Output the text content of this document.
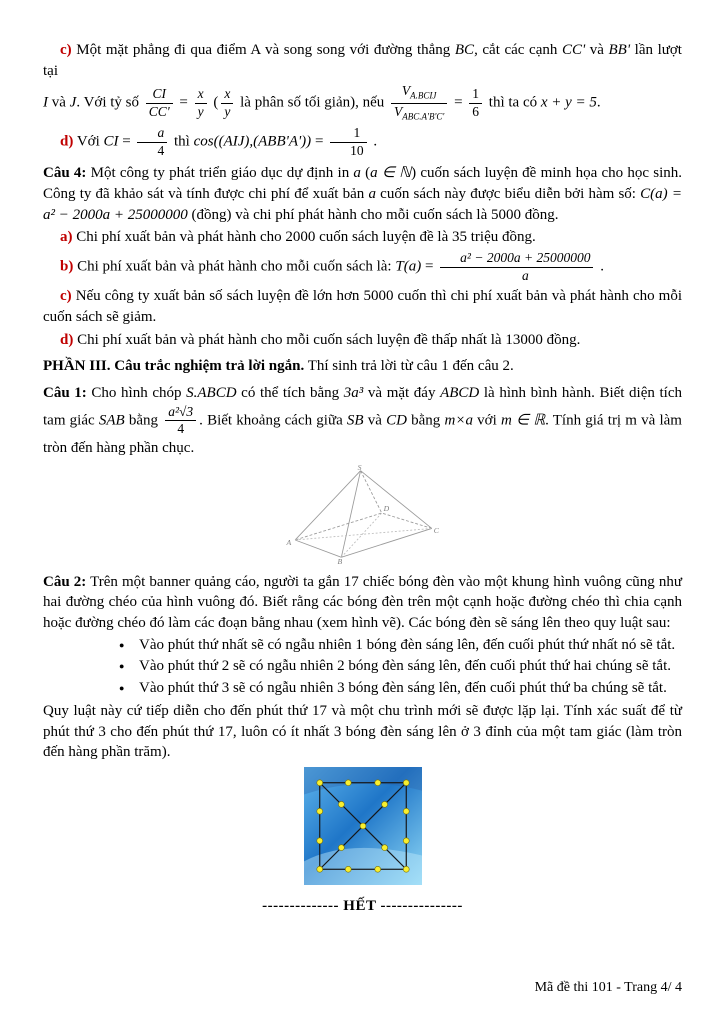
c) Một mặt phẳng đi qua điểm A và song song với đường thẳng BC, cắt các cạnh CC' và BB' lần lượt tại

I và J. Với tỷ số $\frac{CI}{CC'} = \frac{x}{y}$ ( $\frac{x}{y}$ là phân số tối giản), nếu $\frac{V_{A.BCIJ}}{V_{ABC.A'B'C'}} = \frac{1}{6}$ thì ta có x + y = 5.

d) Với CI = $\frac{a}{4}$ thì $\cos((AIJ),(ABB'A')) = \frac{1}{10}$ .

Câu 4: Một công ty phát triển giáo dục dự định in a (a ∈ ℕ) cuốn sách luyện đề minh họa cho học sinh. Công ty đã khảo sát và tính được chi phí để xuất bản a cuốn sách này được biểu diễn bởi hàm số: C(a) = a² − 2000a + 25000000 (đồng) và chi phí phát hành cho mỗi cuốn sách là 5000 đồng.

a) Chi phí xuất bản và phát hành cho 2000 cuốn sách luyện đề là 35 triệu đồng.

b) Chi phí xuất bản và phát hành cho mỗi cuốn sách là: $T(a) = \frac{\text{a² − 2000a + 25000000}}{a}$ .

c) Nếu công ty xuất bản số sách luyện đề lớn hơn 5000 cuốn thì chi phí xuất bản và phát hành cho mỗi cuốn sách sẽ giảm.

d) Chi phí xuất bản và phát hành cho mỗi cuốn sách luyện đề thấp nhất là 13000 đồng.

PHẦN III. Câu trắc nghiệm trả lời ngắn. Thí sinh trả lời từ câu 1 đến câu 2.

Câu 1: Cho hình chóp S.ABCD có thể tích bằng 3a³ và mặt đáy ABCD là hình bình hành. Biết diện tích tam giác SAB bằng $\frac{\text{a²√3}}{4}$ . Biết khoảng cách giữa SB và CD bằng m×a với m ∈ ℝ. Tính giá trị m và làm tròn đến hàng phần chục.

S
A
B
C
D

Câu 2: Trên một banner quảng cáo, người ta gắn 17 chiếc bóng đèn vào một khung hình vuông cũng như hai đường chéo của hình vuông đó. Biết rằng các bóng đèn trên một cạnh hoặc đường chéo thì chia cạnh hoặc đường chéo đó làm các đoạn bằng nhau (xem hình vẽ). Các bóng đèn sẽ sáng lên theo quy luật sau:

● Vào phút thứ nhất sẽ có ngẫu nhiên 1 bóng đèn sáng lên, đến cuối phút thứ nhất nó sẽ tắt.
● Vào phút thứ 2 sẽ có ngẫu nhiên 2 bóng đèn sáng lên, đến cuối phút thứ hai chúng sẽ tắt.
● Vào phút thứ 3 sẽ có ngẫu nhiên 3 bóng đèn sáng lên, đến cuối phút thứ ba chúng sẽ tắt.

Quy luật này cứ tiếp diễn cho đến phút thứ 17 và một chu trình mới sẽ được lặp lại. Tính xác suất để từ phút thứ 3 cho đến phút thứ 17, luôn có ít nhất 3 bóng đèn sáng lên ở 3 đỉnh của một tam giác (làm tròn đến hàng phần trăm).

-------------- HẾT ---------------

Mã đề thi 101 - Trang 4/ 4
